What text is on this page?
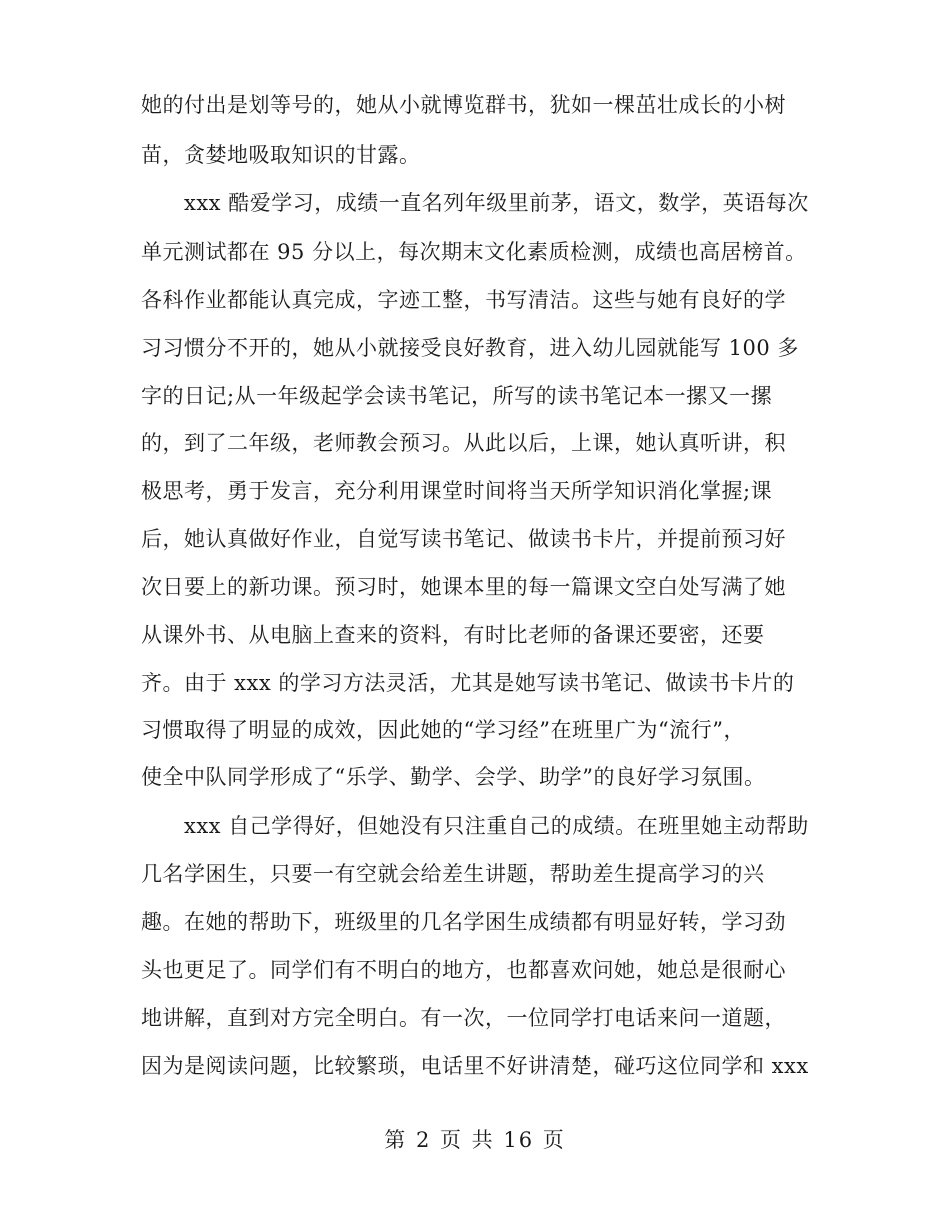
她的付出是划等号的，她从小就博览群书，犹如一棵茁壮成长的小树
苗，贪婪地吸取知识的甘露。
xxx 酷爱学习，成绩一直名列年级里前茅，语文，数学，英语每次
单元测试都在 95 分以上，每次期末文化素质检测，成绩也高居榜首。
各科作业都能认真完成，字迹工整，书写清洁。这些与她有良好的学
习习惯分不开的，她从小就接受良好教育，进入幼儿园就能写 100 多
字的日记;从一年级起学会读书笔记，所写的读书笔记本一摞又一摞
的，到了二年级，老师教会预习。从此以后，上课，她认真听讲，积
极思考，勇于发言，充分利用课堂时间将当天所学知识消化掌握;课
后，她认真做好作业，自觉写读书笔记、做读书卡片，并提前预习好
次日要上的新功课。预习时，她课本里的每一篇课文空白处写满了她
从课外书、从电脑上查来的资料，有时比老师的备课还要密，还要
齐。由于 xxx 的学习方法灵活，尤其是她写读书笔记、做读书卡片的
习惯取得了明显的成效，因此她的“学习经”在班里广为“流行”，
使全中队同学形成了“乐学、勤学、会学、助学”的良好学习氛围。
xxx 自己学得好，但她没有只注重自己的成绩。在班里她主动帮助
几名学困生，只要一有空就会给差生讲题，帮助差生提高学习的兴
趣。在她的帮助下，班级里的几名学困生成绩都有明显好转，学习劲
头也更足了。同学们有不明白的地方，也都喜欢问她，她总是很耐心
地讲解，直到对方完全明白。有一次，一位同学打电话来问一道题，
因为是阅读问题，比较繁琐，电话里不好讲清楚，碰巧这位同学和 xxx
第 2 页 共 16 页
